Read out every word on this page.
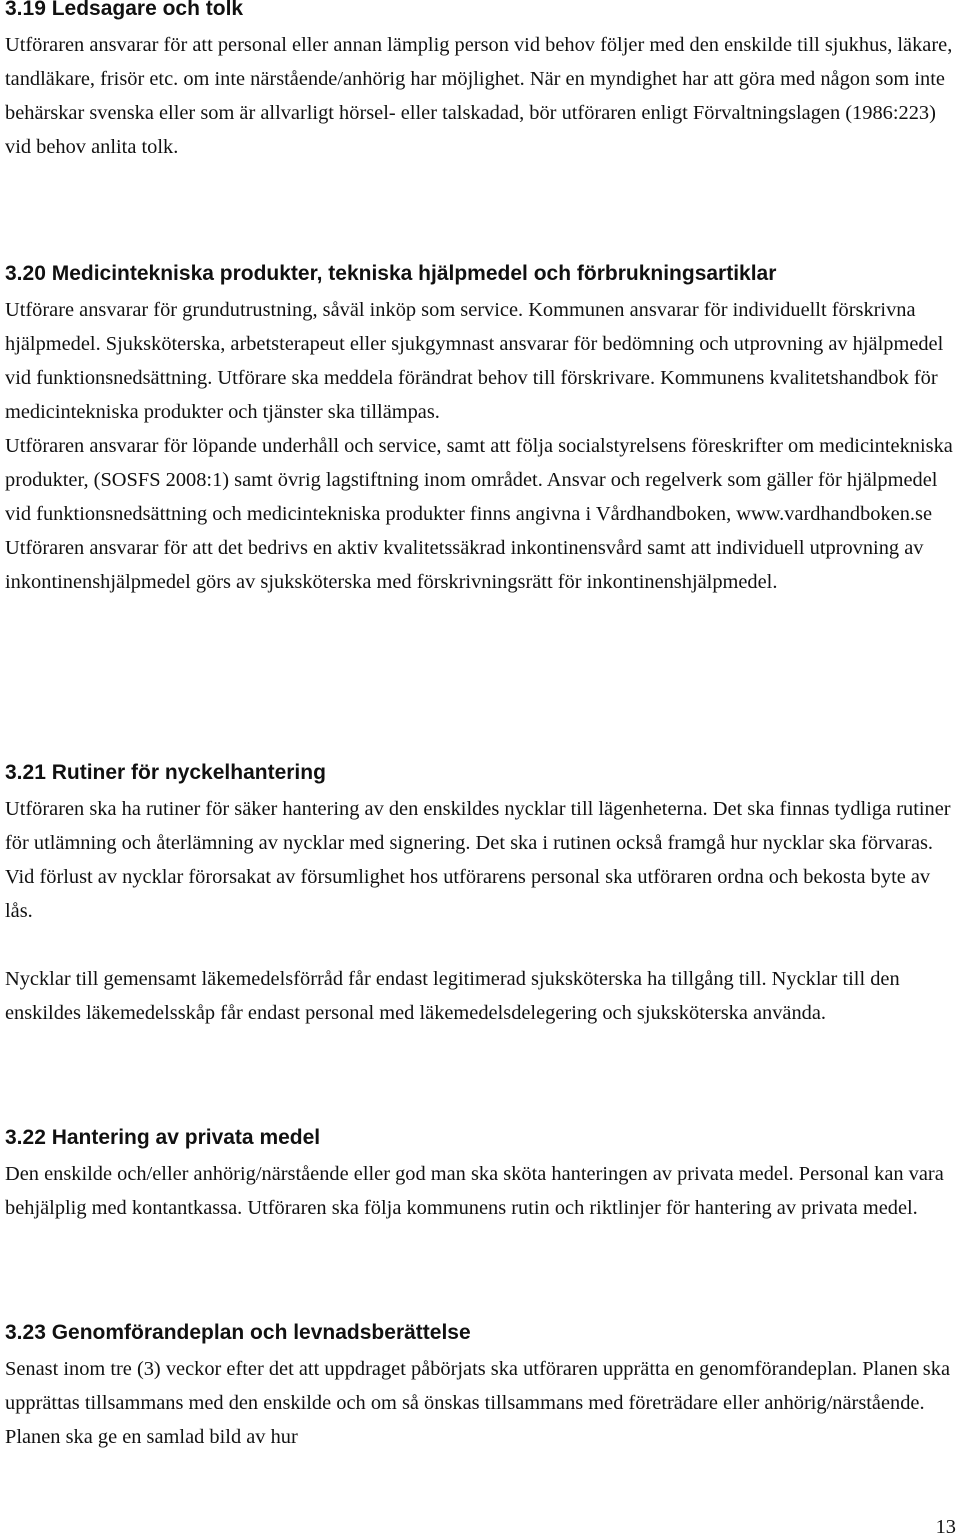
3.19 Ledsagare och tolk

Utföraren ansvarar för att personal eller annan lämplig person vid behov följer med den enskilde till sjukhus, läkare, tandläkare, frisör etc. om inte närstående/anhörig har möjlighet. När en myndighet har att göra med någon som inte behärskar svenska eller som är allvarligt hörsel- eller talskadad, bör utföraren enligt Förvaltningslagen (1986:223) vid behov anlita tolk.

3.20 Medicintekniska produkter, tekniska hjälpmedel och förbrukningsartiklar

Utförare ansvarar för grundutrustning, såväl inköp som service. Kommunen ansvarar för individuellt förskrivna hjälpmedel. Sjuksköterska, arbetsterapeut eller sjukgymnast ansvarar för bedömning och utprovning av hjälpmedel vid funktionsnedsättning. Utförare ska meddela förändrat behov till förskrivare. Kommunens kvalitetshandbok för medicintekniska produkter och tjänster ska tillämpas.

Utföraren ansvarar för löpande underhåll och service, samt att följa socialstyrelsens föreskrifter om medicintekniska produkter, (SOSFS 2008:1) samt övrig lagstiftning inom området. Ansvar och regelverk som gäller för hjälpmedel vid funktionsnedsättning och medicintekniska produkter finns angivna i Vårdhandboken, www.vardhandboken.se

Utföraren ansvarar för att det bedrivs en aktiv kvalitetssäkrad inkontinensvård samt att individuell utprovning av inkontinenshjälpmedel görs av sjuksköterska med förskrivningsrätt för inkontinenshjälpmedel.

3.21 Rutiner för nyckelhantering

Utföraren ska ha rutiner för säker hantering av den enskildes nycklar till lägenheterna. Det ska finnas tydliga rutiner för utlämning och återlämning av nycklar med signering. Det ska i rutinen också framgå hur nycklar ska förvaras. Vid förlust av nycklar förorsakat av försumlighet hos utförarens personal ska utföraren ordna och bekosta byte av lås.

Nycklar till gemensamt läkemedelsförråd får endast legitimerad sjuksköterska ha tillgång till. Nycklar till den enskildes läkemedelsskåp får endast personal med läkemedelsdelegering och sjuksköterska använda.

3.22 Hantering av privata medel

Den enskilde och/eller anhörig/närstående eller god man ska sköta hanteringen av privata medel. Personal kan vara behjälplig med kontantkassa. Utföraren ska följa kommunens rutin och riktlinjer för hantering av privata medel.

3.23 Genomförandeplan och levnadsberättelse

Senast inom tre (3) veckor efter det att uppdraget påbörjats ska utföraren upprätta en genomförandeplan. Planen ska upprättas tillsammans med den enskilde och om så önskas tillsammans med företrädare eller anhörig/närstående. Planen ska ge en samlad bild av hur

13
